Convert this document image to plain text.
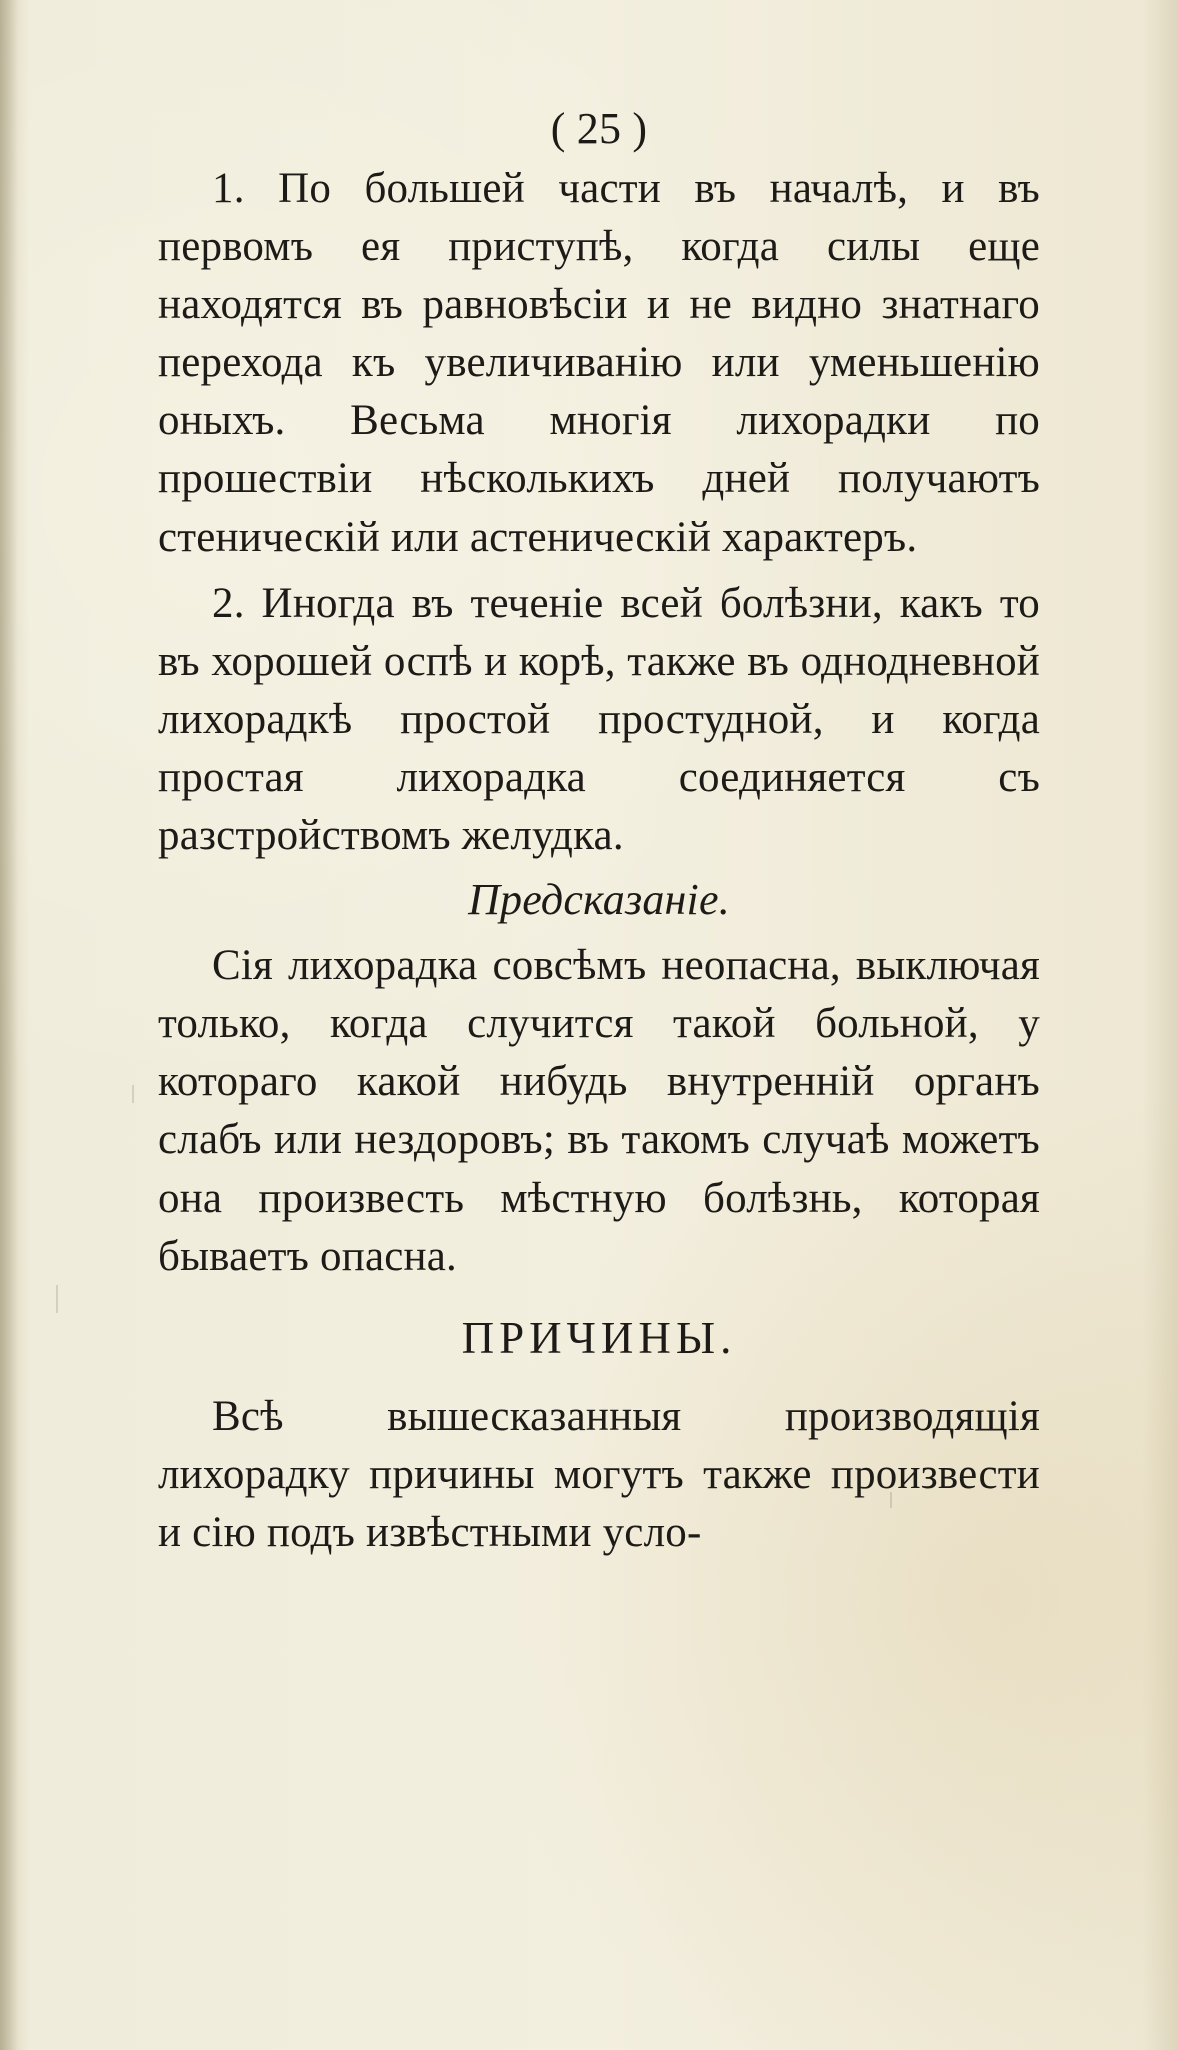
( 25 )

1. По большей части въ началѣ, и въ первомъ ея приступѣ, когда силы еще находятся въ равновѣсіи и не видно знатнаго перехода къ увеличиванію или уменьшенію оныхъ. Весьма многія лихорадки по прошествіи нѣсколькихъ дней получаютъ стеническій или астеническій характеръ.

2. Иногда въ теченіе всей болѣзни, какъ то въ хорошей оспѣ и корѣ, также въ однодневной лихорадкѣ простой простудной, и когда простая лихорадка соединяется съ разстройствомъ желудка.

Предсказаніе.

Сія лихорадка совсѣмъ неопасна, выключая только, когда случится такой больной, у котораго какой нибудь внутренній органъ слабъ или нездоровъ; въ такомъ случаѣ можетъ она произвесть мѣстную болѣзнь, которая бываетъ опасна.

ПРИЧИНЫ.

Всѣ вышесказанныя производящія лихорадку причины могутъ также произвести и сію подъ извѣстными усло-
